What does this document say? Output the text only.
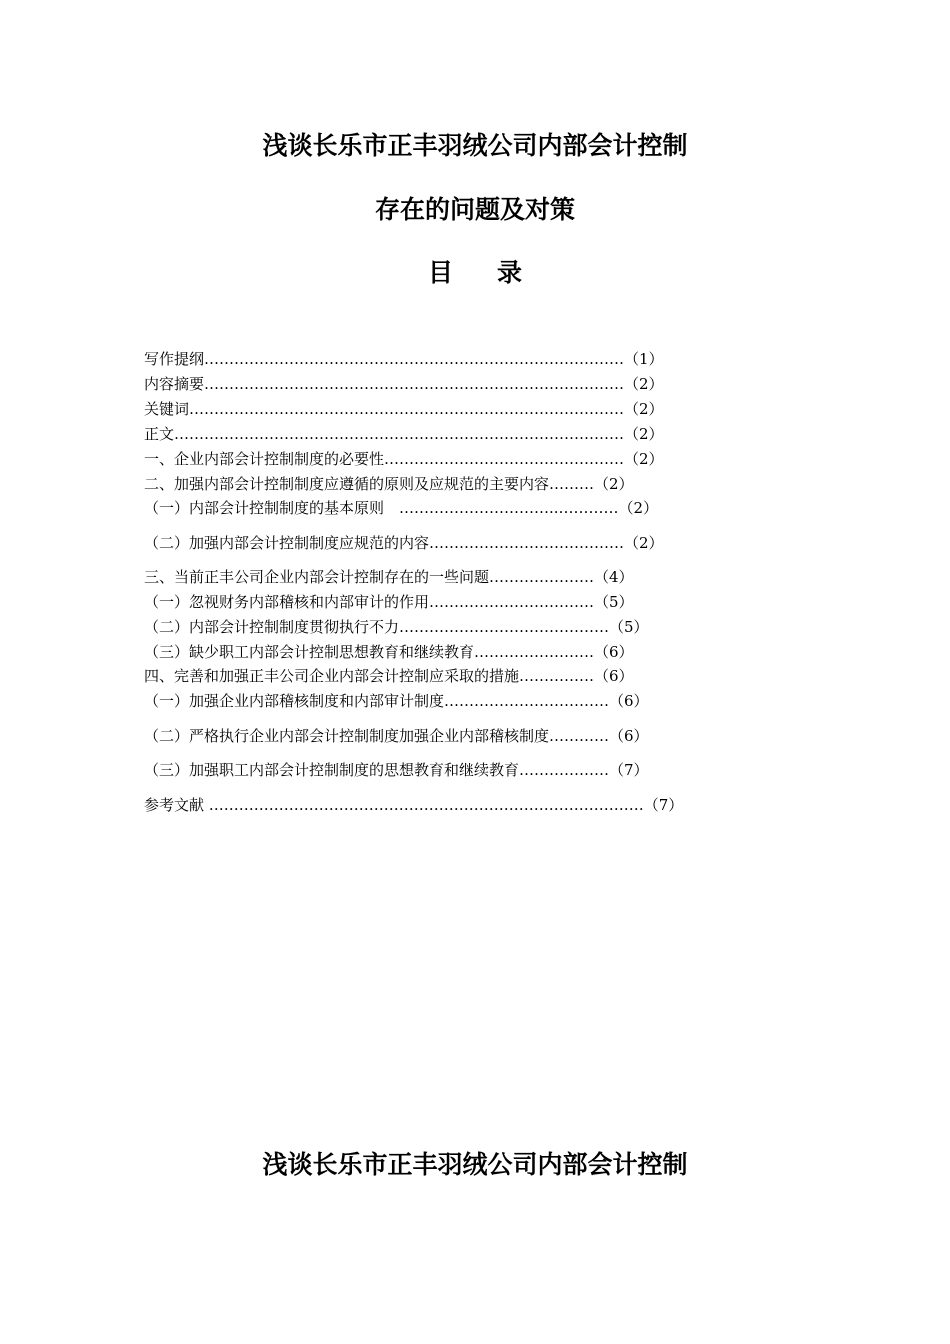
浅谈长乐市正丰羽绒公司内部会计控制
存在的问题及对策
目 录
写作提纲…………………………………………………………………………（1）
内容摘要…………………………………………………………………………（2）
关键词……………………………………………………………………………（2）
正文………………………………………………………………………………（2）
一、企业内部会计控制制度的必要性…………………………………………（2）
二、加强内部会计控制制度应遵循的原则及应规范的主要内容………（2）
（一）内部会计控制制度的基本原则　…………………………..…………（2）
（二）加强内部会计控制制度应规范的内容…………………………………（2）
三、当前正丰公司企业内部会计控制存在的一些问题…………………（4）
（一）忽视财务内部稽核和内部审计的作用……………………………（5）
（二）内部会计控制制度贯彻执行不力……………………………………（5）
（三）缺少职工内部会计控制思想教育和继续教育……………………（6）
四、完善和加强正丰公司企业内部会计控制应采取的措施……………（6）
（一）加强企业内部稽核制度和内部审计制度……………………………（6）
（二）严格执行企业内部会计控制制度加强企业内部稽核制度…………（6）
（三）加强职工内部会计控制制度的思想教育和继续教育………………（7）
参考文献 ……………………………………………………………………………（7）
浅谈长乐市正丰羽绒公司内部会计控制
